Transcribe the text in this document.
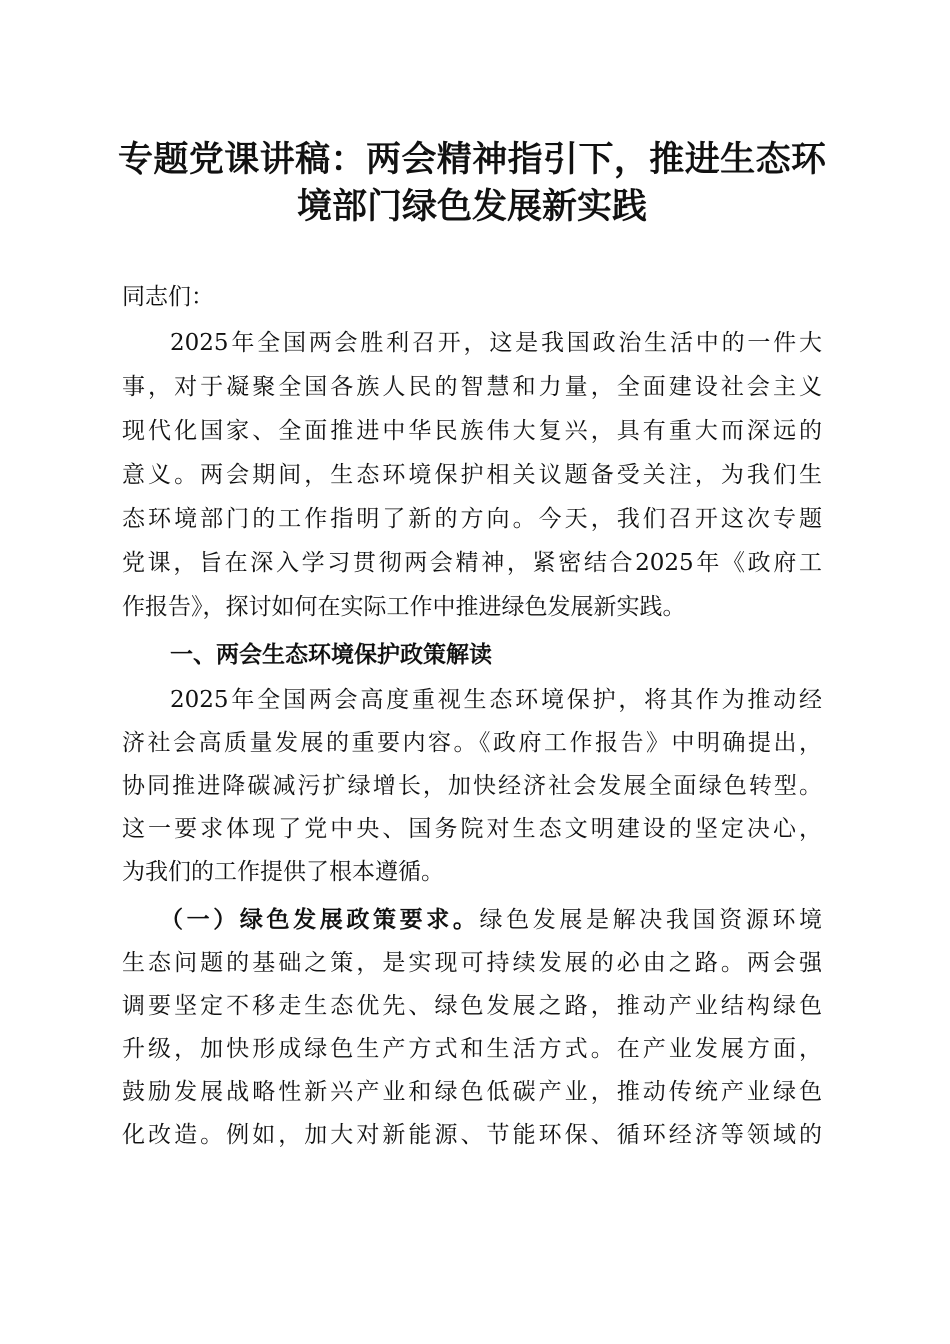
专题党课讲稿：两会精神指引下，推进生态环
境部门绿色发展新实践
同志们：
2025年全国两会胜利召开，这是我国政治生活中的一件大
事，对于凝聚全国各族人民的智慧和力量，全面建设社会主义
现代化国家、全面推进中华民族伟大复兴，具有重大而深远的
意义。两会期间，生态环境保护相关议题备受关注，为我们生
态环境部门的工作指明了新的方向。今天，我们召开这次专题
党课，旨在深入学习贯彻两会精神，紧密结合2025年《政府工
作报告》，探讨如何在实际工作中推进绿色发展新实践。
一、两会生态环境保护政策解读
2025年全国两会高度重视生态环境保护，将其作为推动经
济社会高质量发展的重要内容。《政府工作报告》中明确提出，
协同推进降碳减污扩绿增长，加快经济社会发展全面绿色转型。
这一要求体现了党中央、国务院对生态文明建设的坚定决心，
为我们的工作提供了根本遵循。
（一）绿色发展政策要求。绿色发展是解决我国资源环境
生态问题的基础之策，是实现可持续发展的必由之路。两会强
调要坚定不移走生态优先、绿色发展之路，推动产业结构绿色
升级，加快形成绿色生产方式和生活方式。在产业发展方面，
鼓励发展战略性新兴产业和绿色低碳产业，推动传统产业绿色
化改造。例如，加大对新能源、节能环保、循环经济等领域的
